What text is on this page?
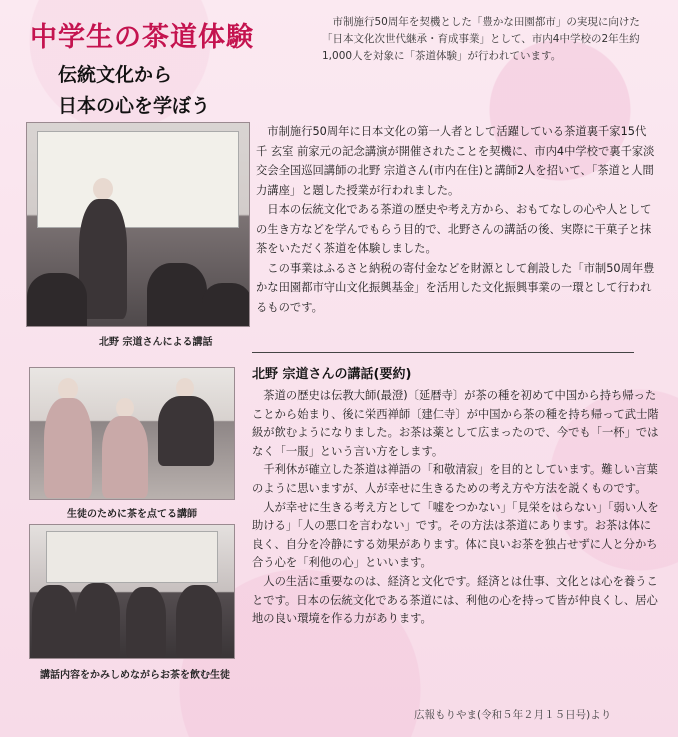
中学生の茶道体験
伝統文化から
日本の心を学ぼう
市制施行50周年を契機とした「豊かな田園都市」の実現に向けた「日本文化次世代継承・育成事業」として、市内4中学校の2年生約1,000人を対象に「茶道体験」が行われています。
北野 宗道さんによる講話
生徒のために茶を点てる講師
講話内容をかみしめながらお茶を飲む生徒

市制施行50周年に日本文化の第一人者として活躍している茶道裏千家15代 千 玄室 前家元の記念講演が開催されたことを契機に、市内4中学校で裏千家淡交会全国巡回講師の北野 宗道さん(市内在住)と講師2人を招いて、「茶道と人間力講座」と題した授業が行われました。

日本の伝統文化である茶道の歴史や考え方から、おもてなしの心や人としての生き方などを学んでもらう目的で、北野さんの講話の後、実際に干菓子と抹茶をいただく茶道を体験しました。

この事業はふるさと納税の寄付金などを財源として創設した「市制50周年豊かな田園都市守山文化振興基金」を活用した文化振興事業の一環として行われるものです。

北野 宗道さんの講話(要約)

茶道の歴史は伝教大師(最澄)〔延暦寺〕が茶の種を初めて中国から持ち帰ったことから始まり、後に栄西禅師〔建仁寺〕が中国から茶の種を持ち帰って武士階級が飲むようになりました。お茶は薬として広まったので、今でも「一杯」ではなく「一服」という言い方をします。

千利休が確立した茶道は禅語の「和敬清寂」を目的としています。難しい言葉のように思いますが、人が幸せに生きるための考え方や方法を説くものです。

人が幸せに生きる考え方として「嘘をつかない」「見栄をはらない」「弱い人を助ける」「人の悪口を言わない」です。その方法は茶道にあります。お茶は体に良く、自分を冷静にする効果があります。体に良いお茶を独占せずに人と分かち合う心を「利他の心」といいます。

人の生活に重要なのは、経済と文化です。経済とは仕事、文化とは心を養うことです。日本の伝統文化である茶道には、利他の心を持って皆が仲良くし、居心地の良い環境を作る力があります。

広報もりやま(令和５年２月１５日号)より
